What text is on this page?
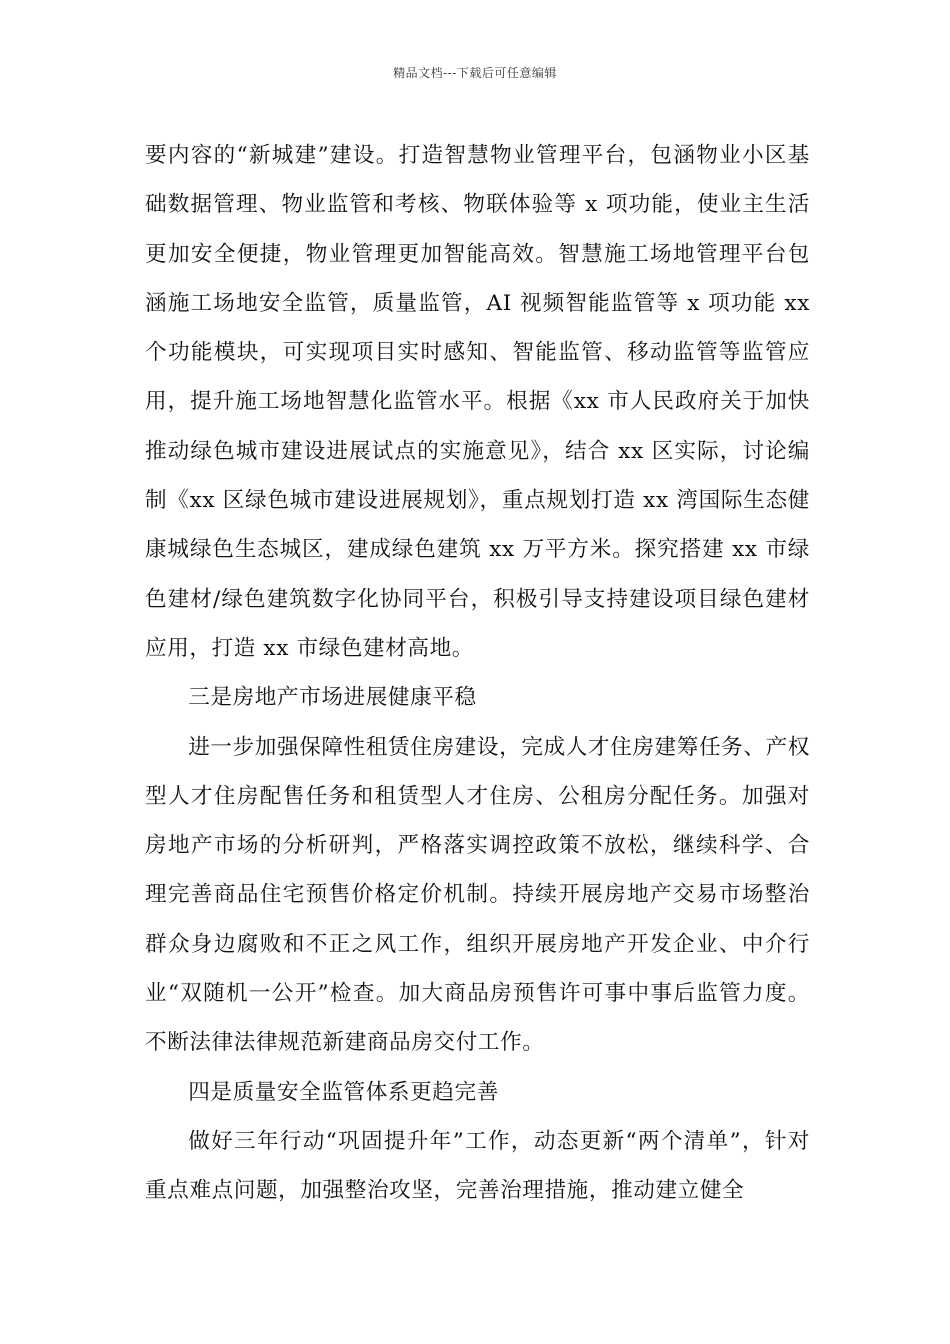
精品文档---下载后可任意编辑

要内容的“新城建”建设。打造智慧物业管理平台，包涵物业小区基础数据管理、物业监管和考核、物联体验等 x 项功能，使业主生活更加安全便捷，物业管理更加智能高效。智慧施工场地管理平台包涵施工场地安全监管，质量监管，AI 视频智能监管等 x 项功能 xx 个功能模块，可实现项目实时感知、智能监管、移动监管等监管应用，提升施工场地智慧化监管水平。根据《xx 市人民政府关于加快推动绿色城市建设进展试点的实施意见》，结合 xx 区实际，讨论编制《xx 区绿色城市建设进展规划》，重点规划打造 xx 湾国际生态健康城绿色生态城区，建成绿色建筑 xx 万平方米。探究搭建 xx 市绿色建材/绿色建筑数字化协同平台，积极引导支持建设项目绿色建材应用，打造 xx 市绿色建材高地。

三是房地产市场进展健康平稳

进一步加强保障性租赁住房建设，完成人才住房建筹任务、产权型人才住房配售任务和租赁型人才住房、公租房分配任务。加强对房地产市场的分析研判，严格落实调控政策不放松，继续科学、合理完善商品住宅预售价格定价机制。持续开展房地产交易市场整治群众身边腐败和不正之风工作，组织开展房地产开发企业、中介行业“双随机一公开”检查。加大商品房预售许可事中事后监管力度。不断法律法律规范新建商品房交付工作。

四是质量安全监管体系更趋完善

做好三年行动“巩固提升年”工作，动态更新“两个清单”，针对重点难点问题，加强整治攻坚，完善治理措施，推动建立健全
